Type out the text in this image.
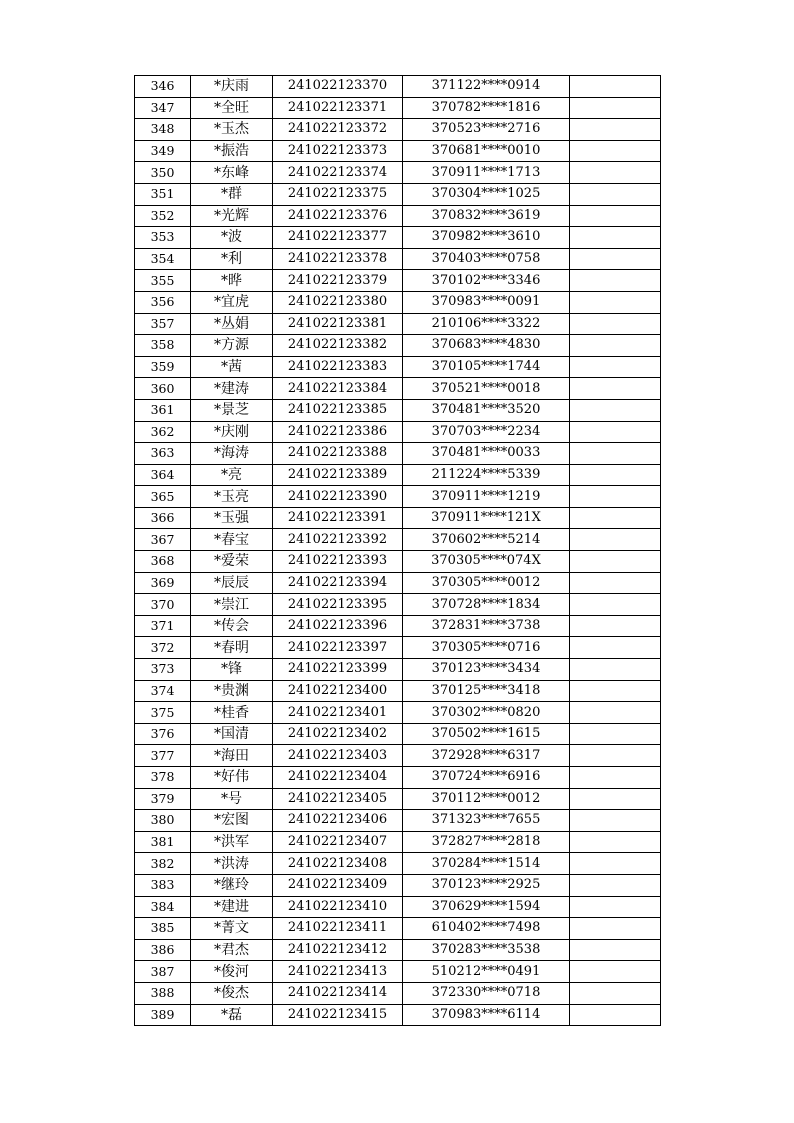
346	*庆雨	241022123370	371122****0914	
347	*全旺	241022123371	370782****1816	
348	*玉杰	241022123372	370523****2716	
349	*振浩	241022123373	370681****0010	
350	*东峰	241022123374	370911****1713	
351	*群	241022123375	370304****1025	
352	*光辉	241022123376	370832****3619	
353	*波	241022123377	370982****3610	
354	*利	241022123378	370403****0758	
355	*晔	241022123379	370102****3346	
356	*宜虎	241022123380	370983****0091	
357	*丛娟	241022123381	210106****3322	
358	*方源	241022123382	370683****4830	
359	*茜	241022123383	370105****1744	
360	*建涛	241022123384	370521****0018	
361	*景芝	241022123385	370481****3520	
362	*庆刚	241022123386	370703****2234	
363	*海涛	241022123388	370481****0033	
364	*亮	241022123389	211224****5339	
365	*玉亮	241022123390	370911****1219	
366	*玉强	241022123391	370911****121X	
367	*春宝	241022123392	370602****5214	
368	*爱荣	241022123393	370305****074X	
369	*辰辰	241022123394	370305****0012	
370	*崇江	241022123395	370728****1834	
371	*传会	241022123396	372831****3738	
372	*春明	241022123397	370305****0716	
373	*锋	241022123399	370123****3434	
374	*贵渊	241022123400	370125****3418	
375	*桂香	241022123401	370302****0820	
376	*国清	241022123402	370502****1615	
377	*海田	241022123403	372928****6317	
378	*好伟	241022123404	370724****6916	
379	*号	241022123405	370112****0012	
380	*宏图	241022123406	371323****7655	
381	*洪军	241022123407	372827****2818	
382	*洪涛	241022123408	370284****1514	
383	*继玲	241022123409	370123****2925	
384	*建进	241022123410	370629****1594	
385	*菁文	241022123411	610402****7498	
386	*君杰	241022123412	370283****3538	
387	*俊河	241022123413	510212****0491	
388	*俊杰	241022123414	372330****0718	
389	*磊	241022123415	370983****6114	
